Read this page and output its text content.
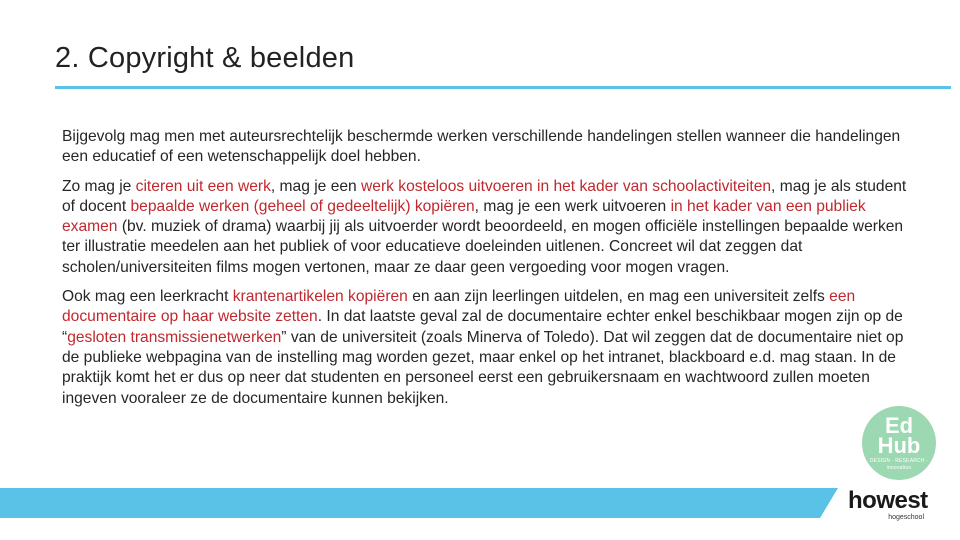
2. Copyright & beelden

Bijgevolg mag men met auteursrechtelijk beschermde werken verschillende handelingen stellen wanneer die handelingen een educatief of een wetenschappelijk doel hebben.

Zo mag je citeren uit een werk, mag je een werk kosteloos uitvoeren in het kader van schoolactiviteiten, mag je als student of docent bepaalde werken (geheel of gedeeltelijk) kopiëren, mag je een werk uitvoeren in het kader van een publiek examen (bv. muziek of drama) waarbij jij als uitvoerder wordt beoordeeld, en mogen officiële instellingen bepaalde werken ter illustratie meedelen aan het publiek of voor educatieve doeleinden uitlenen. Concreet wil dat zeggen dat scholen/universiteiten films mogen vertonen, maar ze daar geen vergoeding voor mogen vragen.

Ook mag een leerkracht krantenartikelen kopiëren en aan zijn leerlingen uitdelen, en mag een universiteit zelfs een documentaire op haar website zetten. In dat laatste geval zal de documentaire echter enkel beschikbaar mogen zijn op de “gesloten transmissienetwerken” van de universiteit (zoals Minerva of Toledo). Dat wil zeggen dat de documentaire niet op de publieke webpagina van de instelling mag worden gezet, maar enkel op het intranet, blackboard e.d. mag staan. In de praktijk komt het er dus op neer dat studenten en personeel eerst een gebruikersnaam en wachtwoord zullen moeten ingeven vooraleer ze de documentaire kunnen bekijken.

Ed
Hub
DESIGN · RESEARCH · innovation
howest
hogeschool
